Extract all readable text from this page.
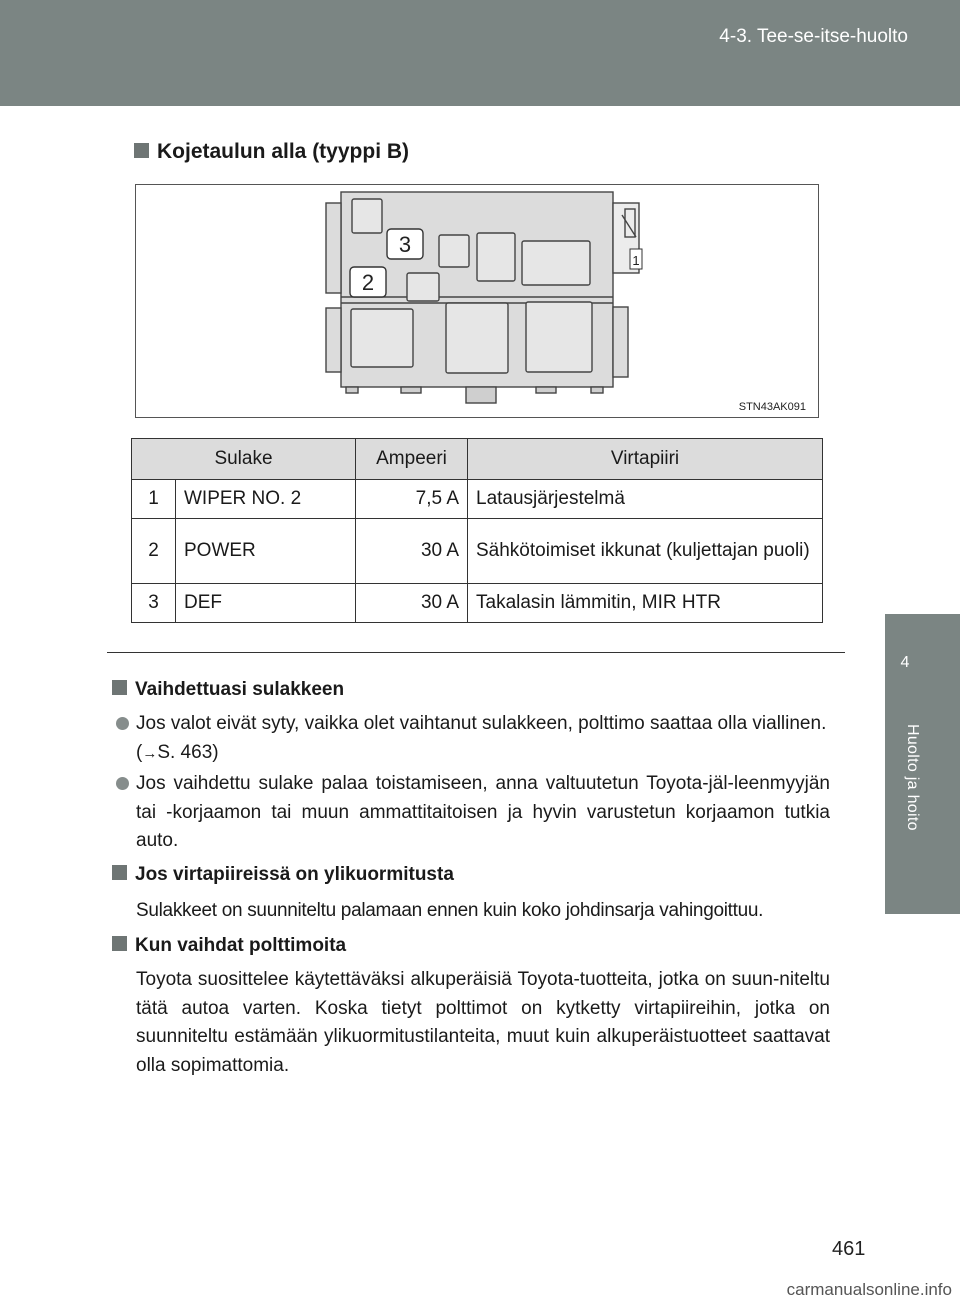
4-3. Tee-se-itse-huolto
4
Huolto ja hoito
Kojetaulun alla (tyyppi B)
3
2
1
STN43AK091
Sulake		Ampeeri	Virtapiiri
1	WIPER NO. 2	7,5 A	Latausjärjestelmä
2	POWER	30 A	Sähkötoimiset ikkunat (kuljettajan puoli)
3	DEF	30 A	Takalasin lämmitin, MIR HTR
Vaihdettuasi sulakkeen
Jos valot eivät syty, vaikka olet vaihtanut sulakkeen, polttimo saattaa olla viallinen. (→S. 463)
Jos vaihdettu sulake palaa toistamiseen, anna valtuutetun Toyota-jäl-leenmyyjän tai -korjaamon tai muun ammattitaitoisen ja hyvin varustetun korjaamon tutkia auto.
Jos virtapiireissä on ylikuormitusta
Sulakkeet on suunniteltu palamaan ennen kuin koko johdinsarja vahingoittuu.
Kun vaihdat polttimoita
Toyota suosittelee käytettäväksi alkuperäisiä Toyota-tuotteita, jotka on suun-niteltu tätä autoa varten. Koska tietyt polttimot on kytketty virtapiireihin, jotka on suunniteltu estämään ylikuormitustilanteita, muut kuin alkuperäistuotteet saattavat olla sopimattomia.
461
carmanualsonline.info
